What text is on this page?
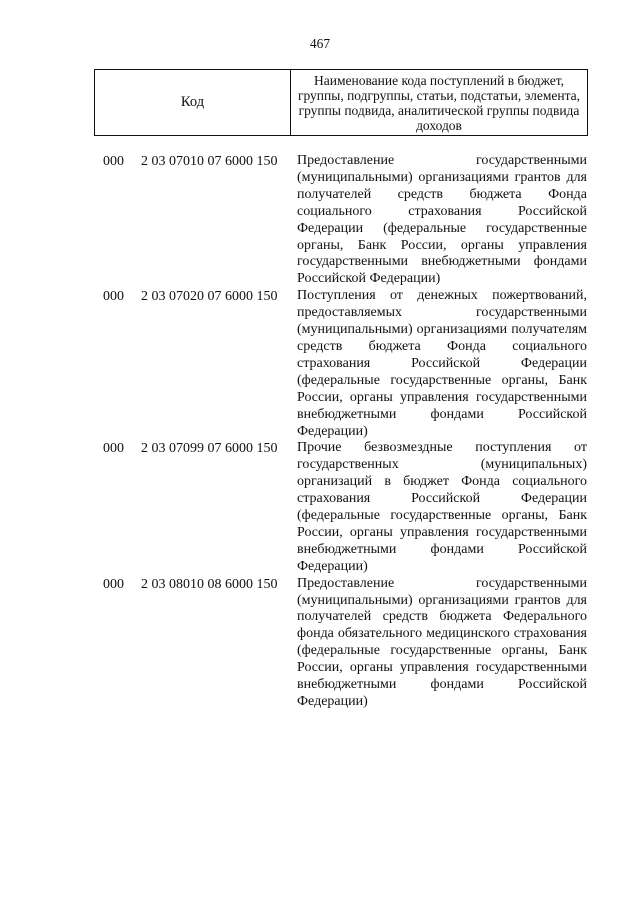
467
Код
Наименование кода поступлений в бюджет, группы, подгруппы, статьи, подстатьи, элемента, группы подвида, аналитической группы подвида доходов
000 2 03 07010 07 6000 150 Предоставление государственными (муниципальными) организациями грантов для получателей средств бюджета Фонда социального страхования Российской Федерации (федеральные государственные органы, Банк России, органы управления государственными внебюджетными фондами Российской Федерации)
000 2 03 07020 07 6000 150 Поступления от денежных пожертвований, предоставляемых государственными (муниципальными) организациями получателям средств бюджета Фонда социального страхования Российской Федерации (федеральные государственные органы, Банк России, органы управления государственными внебюджетными фондами Российской Федерации)
000 2 03 07099 07 6000 150 Прочие безвозмездные поступления от государственных (муниципальных) организаций в бюджет Фонда социального страхования Российской Федерации (федеральные государственные органы, Банк России, органы управления государственными внебюджетными фондами Российской Федерации)
000 2 03 08010 08 6000 150 Предоставление государственными (муниципальными) организациями грантов для получателей средств бюджета Федерального фонда обязательного медицинского страхования (федеральные государственные органы, Банк России, органы управления государственными внебюджетными фондами Российской Федерации)
